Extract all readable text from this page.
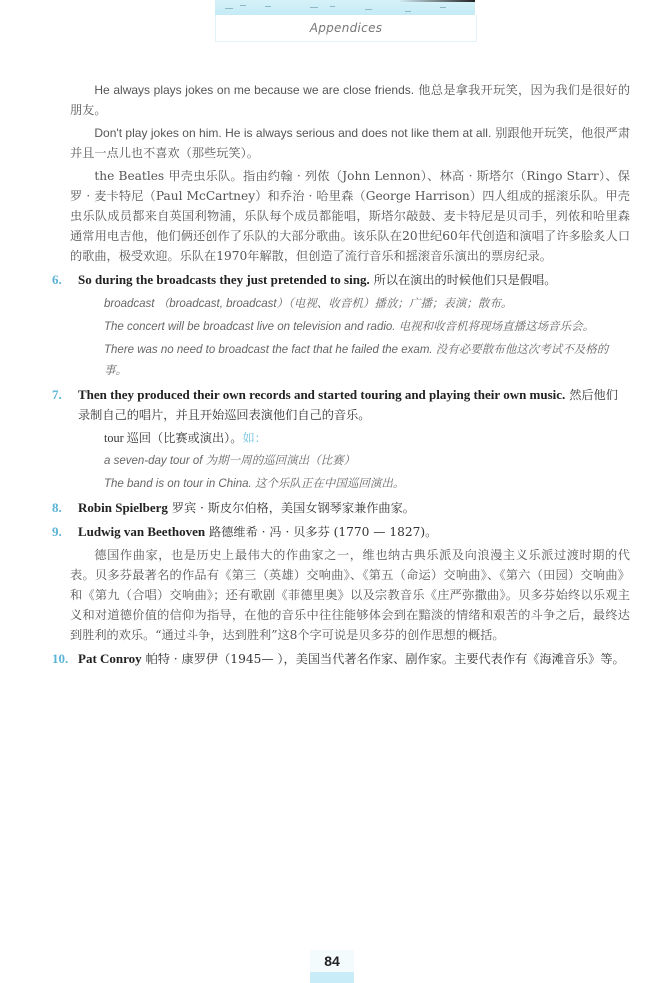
Appendices

He always plays jokes on me because we are close friends. 他总是拿我开玩笑，因为我们是很好的朋友。

Don't play jokes on him. He is always serious and does not like them at all. 别跟他开玩笑，他很严肃并且一点儿也不喜欢（那些玩笑）。

the Beatles 甲壳虫乐队。指由约翰 · 列侬（John Lennon）、林高 · 斯塔尔（Ringo Starr）、保罗 · 麦卡特尼（Paul McCartney）和乔治 · 哈里森（George Harrison）四人组成的摇滚乐队。甲壳虫乐队成员都来自英国利物浦，乐队每个成员都能唱，斯塔尔敲鼓、麦卡特尼是贝司手，列侬和哈里森通常用电吉他，他们俩还创作了乐队的大部分歌曲。该乐队在20世纪60年代创造和演唱了许多脍炙人口的歌曲，极受欢迎。乐队在1970年解散，但创造了流行音乐和摇滚音乐演出的票房纪录。

6. So during the broadcasts they just pretended to sing. 所以在演出的时候他们只是假唱。
broadcast （broadcast, broadcast）（电视、收音机）播放；广播；表演；散布。
The concert will be broadcast live on television and radio. 电视和收音机将现场直播这场音乐会。
There was no need to broadcast the fact that he failed the exam. 没有必要散布他这次考试不及格的事。
7. Then they produced their own records and started touring and playing their own music. 然后他们录制自己的唱片，并且开始巡回表演他们自己的音乐。
tour 巡回（比赛或演出）。如：
a seven-day tour of 为期一周的巡回演出（比赛）
The band is on tour in China. 这个乐队正在中国巡回演出。
8. Robin Spielberg 罗宾 · 斯皮尔伯格，美国女钢琴家兼作曲家。
9. Ludwig van Beethoven 路德维希 · 冯 · 贝多芬 (1770 — 1827)。

德国作曲家，也是历史上最伟大的作曲家之一，维也纳古典乐派及向浪漫主义乐派过渡时期的代表。贝多芬最著名的作品有《第三（英雄）交响曲》、《第五（命运）交响曲》、《第六（田园）交响曲》和《第九（合唱）交响曲》；还有歌剧《菲德里奥》以及宗教音乐《庄严弥撒曲》。贝多芬始终以乐观主义和对道德价值的信仰为指导，在他的音乐中往往能够体会到在黯淡的情绪和艰苦的斗争之后，最终达到胜利的欢乐。“通过斗争，达到胜利”这8个字可说是贝多芬的创作思想的概括。

10. Pat Conroy 帕特 · 康罗伊（1945— ），美国当代著名作家、剧作家。主要代表作有《海滩音乐》等。
84
